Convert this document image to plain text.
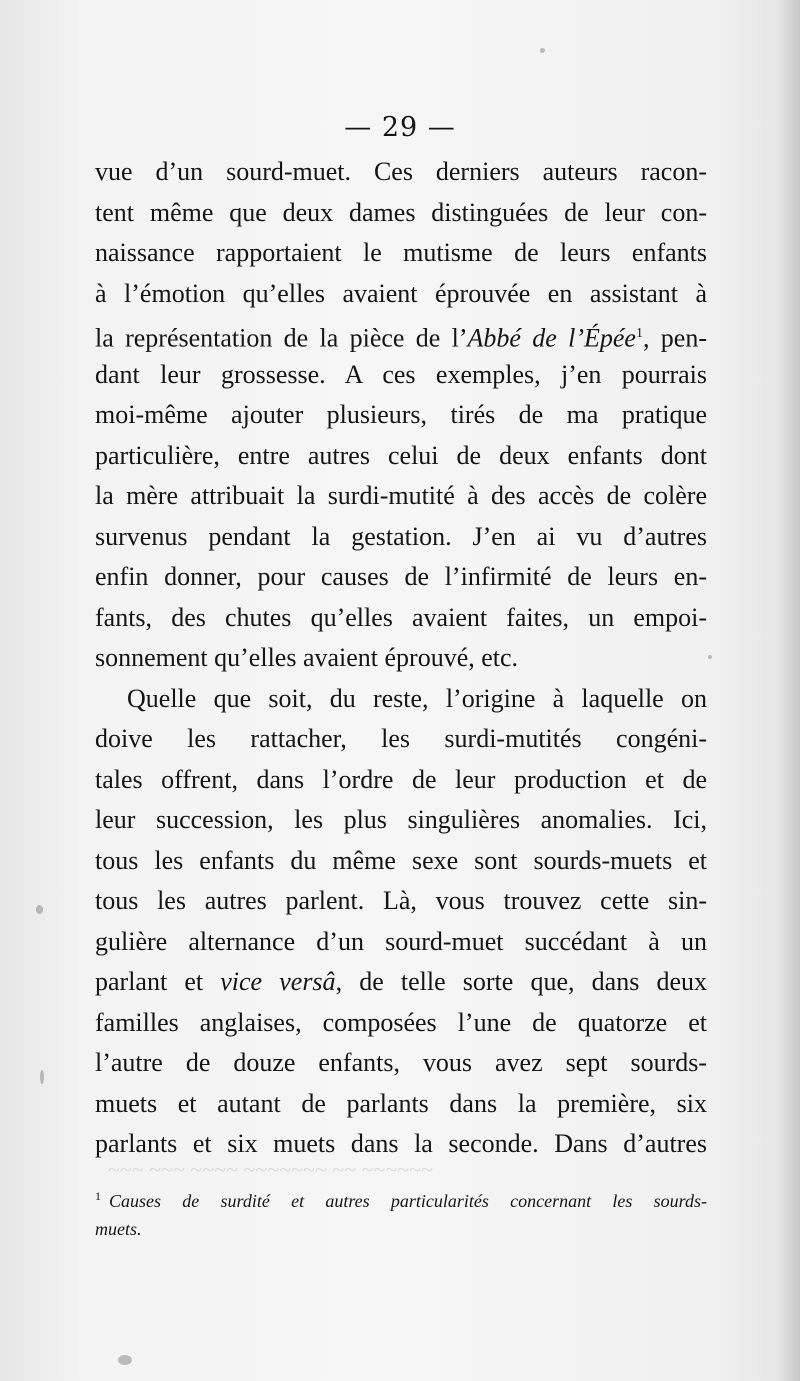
— 29 —
vue d’un sourd-muet. Ces derniers auteurs racon-
tent même que deux dames distinguées de leur con-
naissance rapportaient le mutisme de leurs enfants
à l’émotion qu’elles avaient éprouvée en assistant à
la représentation de la pièce de l’Abbé de l’Épée$^1$, pen-
dant leur grossesse. A ces exemples, j’en pourrais
moi-même ajouter plusieurs, tirés de ma pratique
particulière, entre autres celui de deux enfants dont
la mère attribuait la surdi-mutité à des accès de colère
survenus pendant la gestation. J’en ai vu d’autres
enfin donner, pour causes de l’infirmité de leurs en-
fants, des chutes qu’elles avaient faites, un empoi-
sonnement qu’elles avaient éprouvé, etc.
Quelle que soit, du reste, l’origine à laquelle on
doive les rattacher, les surdi-mutités congéni-
tales offrent, dans l’ordre de leur production et de
leur succession, les plus singulières anomalies. Ici,
tous les enfants du même sexe sont sourds-muets et
tous les autres parlent. Là, vous trouvez cette sin-
gulière alternance d’un sourd-muet succédant à un
parlant et vice versâ, de telle sorte que, dans deux
familles anglaises, composées l’une de quatorze et
l’autre de douze enfants, vous avez sept sourds-
muets et autant de parlants dans la première, six
parlants et six muets dans la seconde. Dans d’autres
~~~ ~~~ ~~~~ ~~~~~~~ ~~ ~~~~~~
$^1$ Causes de surdité et autres particularités concernant les sourds-
muets.
